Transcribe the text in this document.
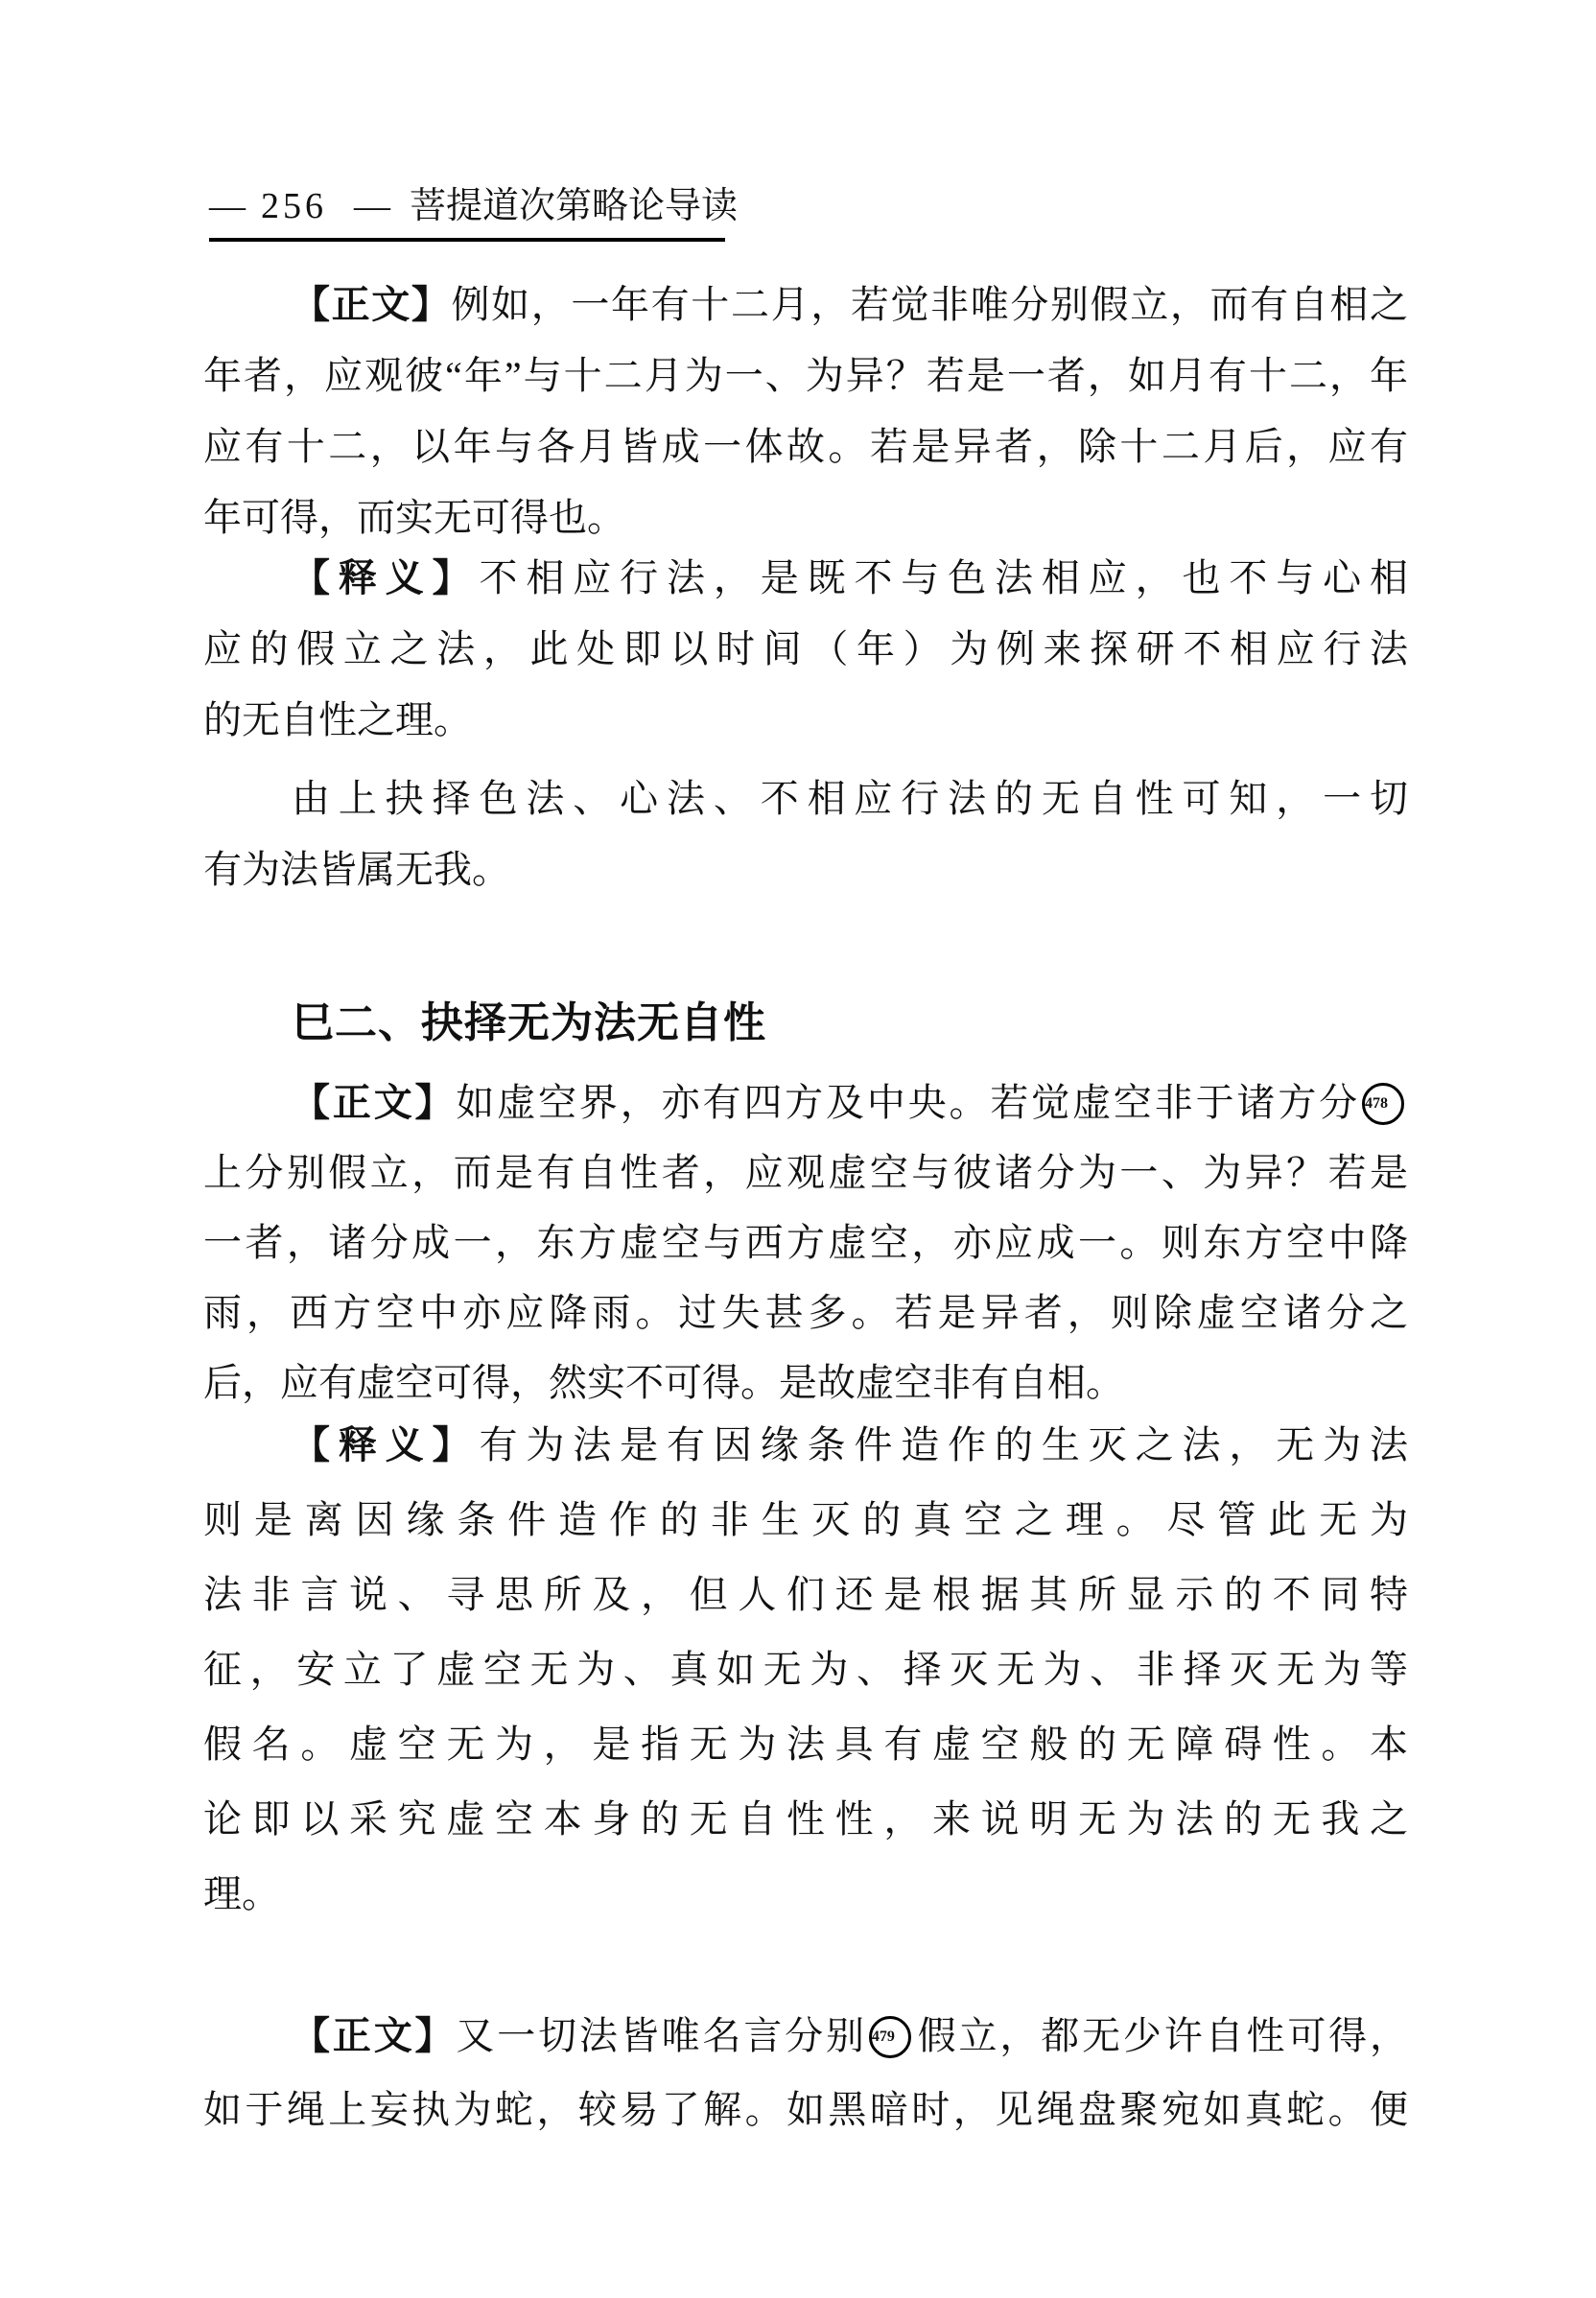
— 256 — 菩提道次第略论导读
【正文】例如，一年有十二月，若觉非唯分别假立，而有自相之
年者，应观彼“年”与十二月为一、为异？若是一者，如月有十二，年
应有十二，以年与各月皆成一体故。若是异者，除十二月后，应有
年可得，而实无可得也。
【释义】不相应行法，是既不与色法相应，也不与心相
应的假立之法，此处即以时间（年）为例来探研不相应行法
的无自性之理。
由上抉择色法、心法、不相应行法的无自性可知，一切
有为法皆属无我。
巳二、抉择无为法无自性
【正文】如虚空界，亦有四方及中央。若觉虚空非于诸方分 478
上分别假立，而是有自性者，应观虚空与彼诸分为一、为异？若是
一者，诸分成一，东方虚空与西方虚空，亦应成一。则东方空中降
雨，西方空中亦应降雨。过失甚多。若是异者，则除虚空诸分之
后，应有虚空可得，然实不可得。是故虚空非有自相。
【释义】有为法是有因缘条件造作的生灭之法，无为法
则是离因缘条件造作的非生灭的真空之理。尽管此无为
法非言说、寻思所及，但人们还是根据其所显示的不同特
征，安立了虚空无为、真如无为、择灭无为、非择灭无为等
假名。虚空无为，是指无为法具有虚空般的无障碍性。本
论即以采究虚空本身的无自性性，来说明无为法的无我之
理。
【正文】又一切法皆唯名言分别 479 假立，都无少许自性可得，
如于绳上妄执为蛇，较易了解。如黑暗时，见绳盘聚宛如真蛇。便
